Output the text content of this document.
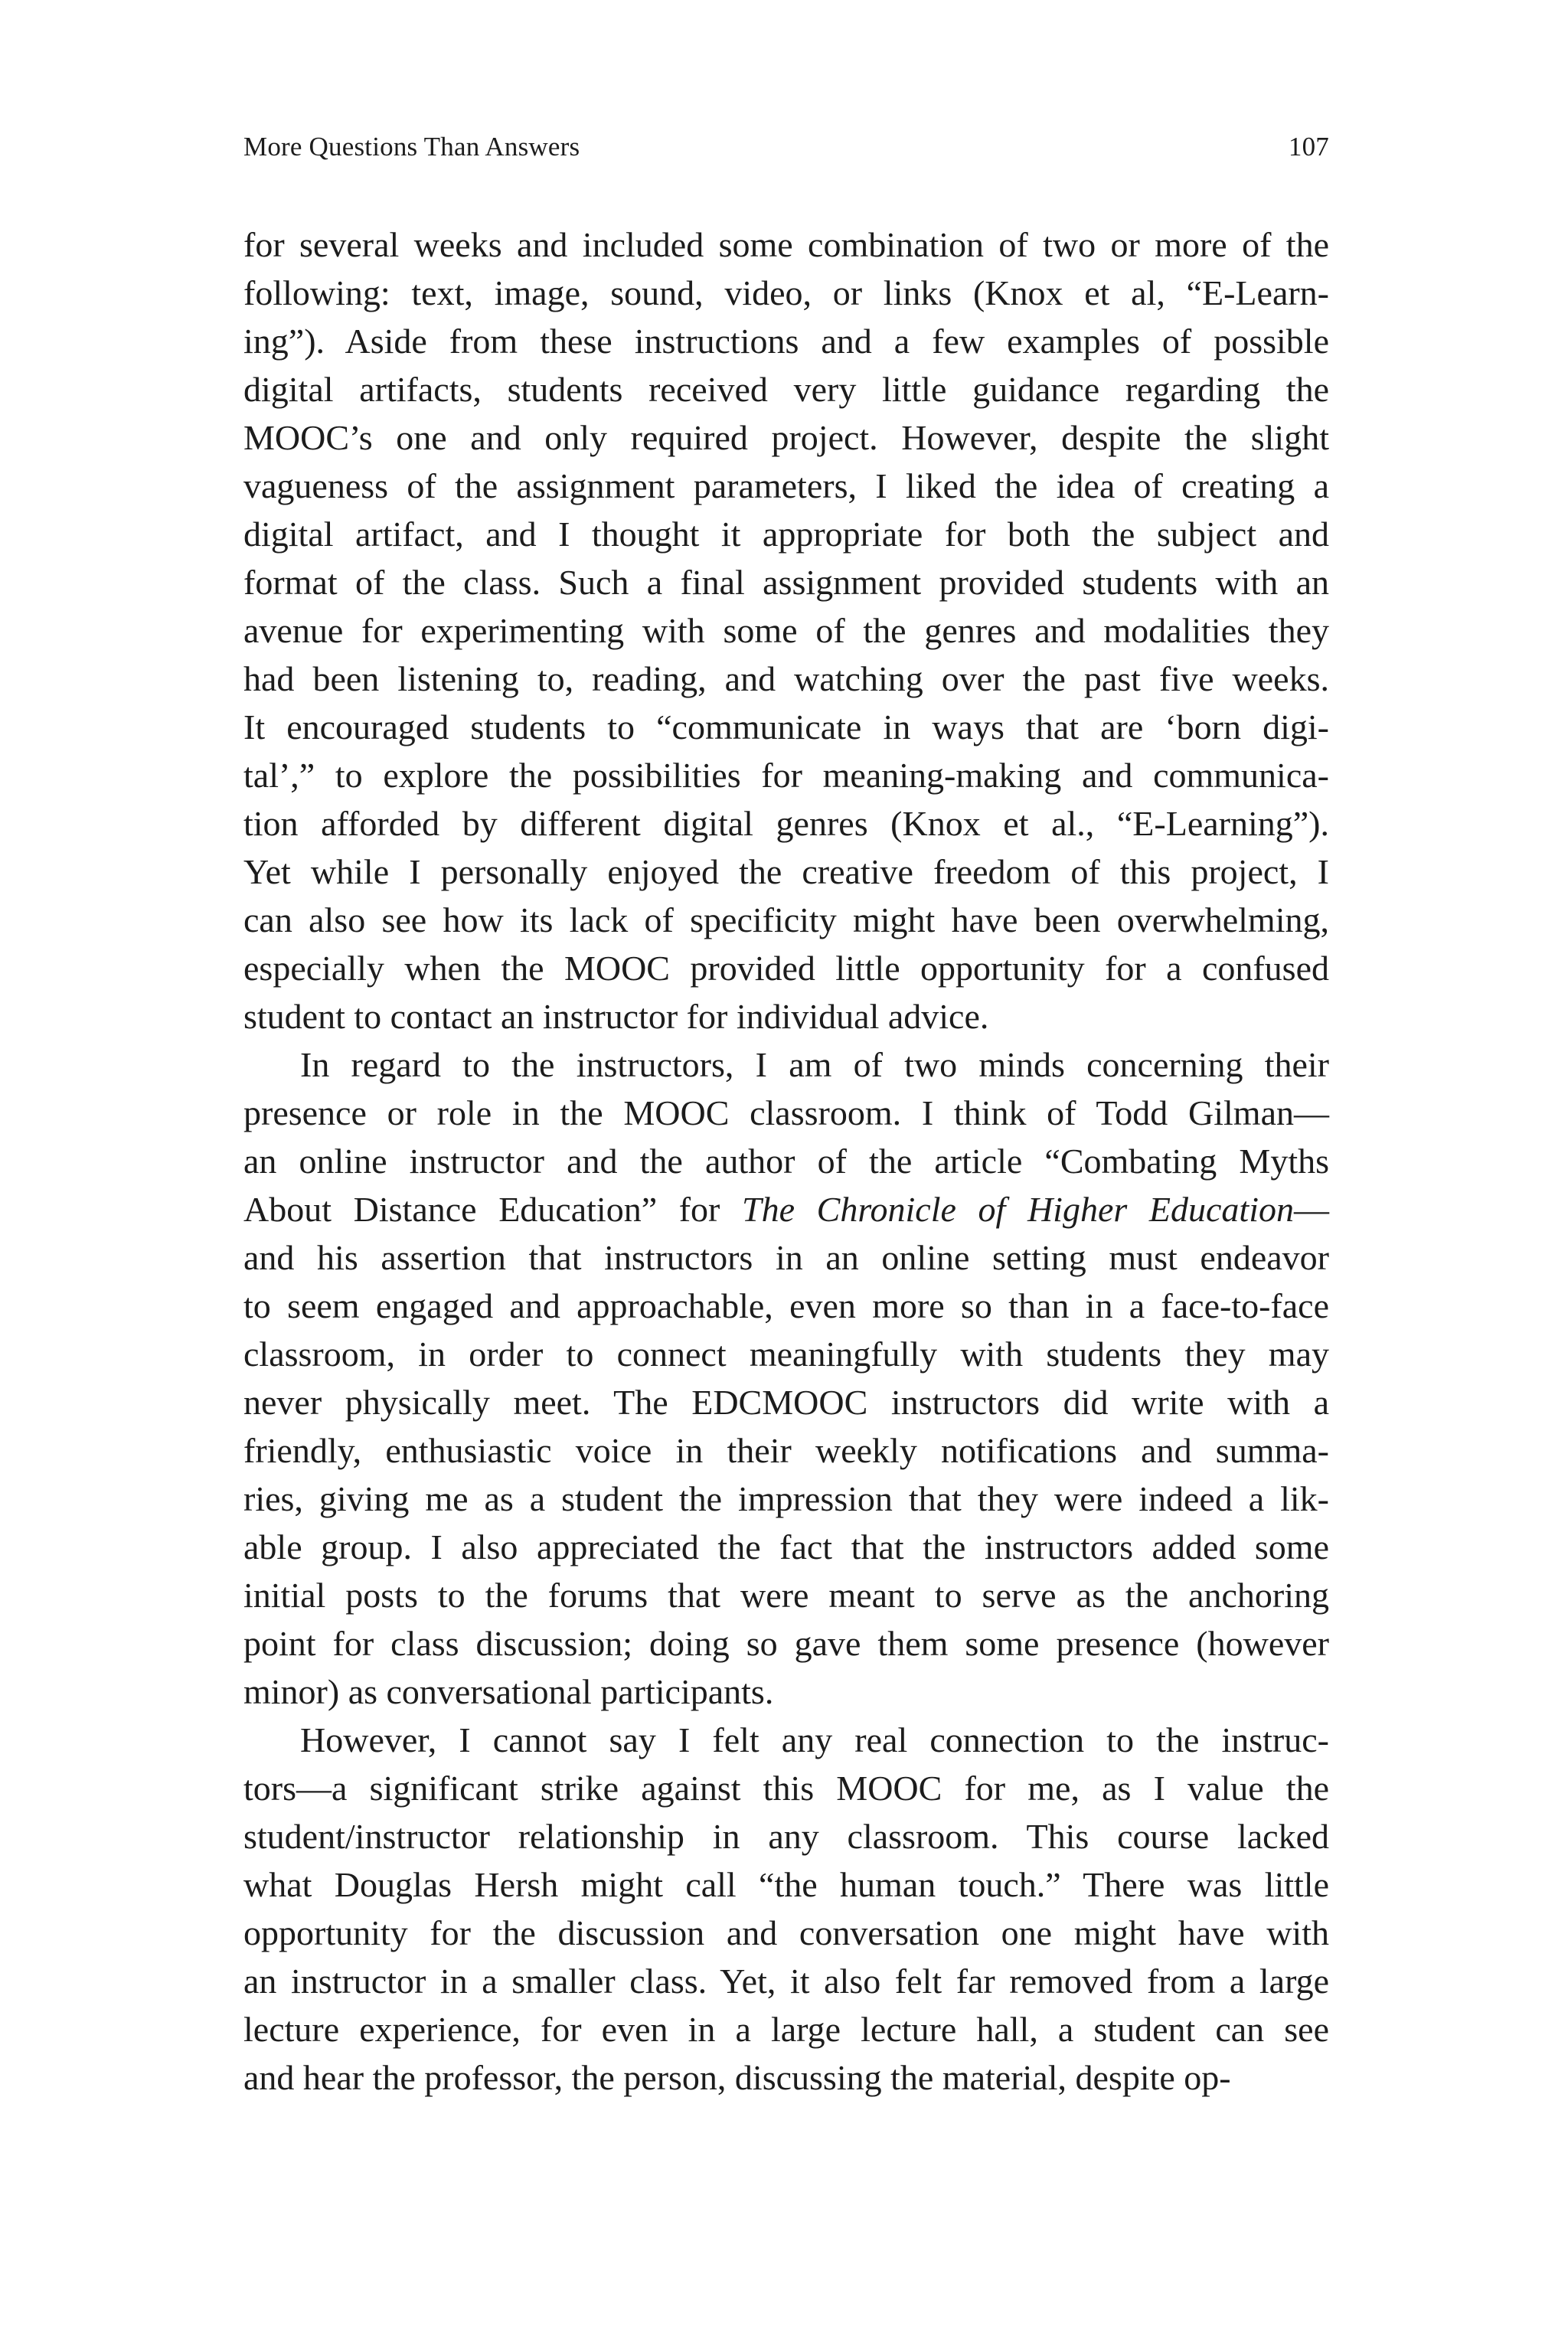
More Questions Than Answers	107
for several weeks and included some combination of two or more of the
following: text, image, sound, video, or links (Knox et al, “E-Learn-
ing”). Aside from these instructions and a few examples of possible
digital artifacts, students received very little guidance regarding the
MOOC’s one and only required project. However, despite the slight
vagueness of the assignment parameters, I liked the idea of creating a
digital artifact, and I thought it appropriate for both the subject and
format of the class. Such a final assignment provided students with an
avenue for experimenting with some of the genres and modalities they
had been listening to, reading, and watching over the past five weeks.
It encouraged students to “communicate in ways that are ‘born digi-
tal’,” to explore the possibilities for meaning-making and communica-
tion afforded by different digital genres (Knox et al., “E-Learning”).
Yet while I personally enjoyed the creative freedom of this project, I
can also see how its lack of specificity might have been overwhelming,
especially when the MOOC provided little opportunity for a confused
student to contact an instructor for individual advice.
In regard to the instructors, I am of two minds concerning their
presence or role in the MOOC classroom. I think of Todd Gilman—
an online instructor and the author of the article “Combating Myths
About Distance Education” for The Chronicle of Higher Education—
and his assertion that instructors in an online setting must endeavor
to seem engaged and approachable, even more so than in a face-to-face
classroom, in order to connect meaningfully with students they may
never physically meet. The EDCMOOC instructors did write with a
friendly, enthusiastic voice in their weekly notifications and summa-
ries, giving me as a student the impression that they were indeed a lik-
able group. I also appreciated the fact that the instructors added some
initial posts to the forums that were meant to serve as the anchoring
point for class discussion; doing so gave them some presence (however
minor) as conversational participants.
However, I cannot say I felt any real connection to the instruc-
tors—a significant strike against this MOOC for me, as I value the
student/instructor relationship in any classroom. This course lacked
what Douglas Hersh might call “the human touch.” There was little
opportunity for the discussion and conversation one might have with
an instructor in a smaller class. Yet, it also felt far removed from a large
lecture experience, for even in a large lecture hall, a student can see
and hear the professor, the person, discussing the material, despite op-
